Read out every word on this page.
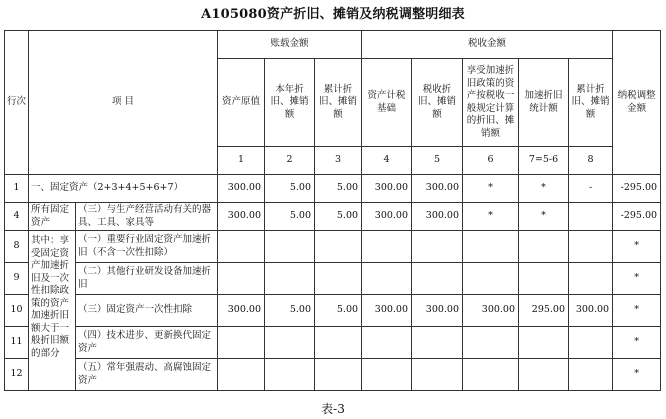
A105080资产折旧、摊销及纳税调整明细表
行次	项 目		账载金额			税收金额					纳税调整金额	
			资产原值	本年折旧、摊销额	累计折旧、摊销额	资产计税基础	税收折旧、摊销额	享受加速折旧政策的资产按税收一般规定计算的折旧、摊销额	加速折旧统计额	累计折旧、摊销额		
			1	2	3	4	5	6	7=5-6	8	
1	一、固定资产（2+3+4+5+6+7）		300.00	5.00	5.00	300.00	300.00	*	*	-	-295.00	
4	所有固定资产	（三）与生产经营活动有关的器具、工具、家具等	300.00	5.00	5.00	300.00	300.00	*	*		-295.00	
8	其中：享受固定资产加速折旧及一次性扣除政策的资产加速折旧额大于一般折旧额的部分	（一）重要行业固定资产加速折旧（不含一次性扣除）									*	
9		（二）其他行业研发设备加速折旧									*	
10		（三）固定资产一次性扣除	300.00	5.00	5.00	300.00	300.00	300.00	295.00	300.00	*	
11		（四）技术进步、更新换代固定资产									*	
12		（五）常年强震动、高腐蚀固定资产									*	
表-3
